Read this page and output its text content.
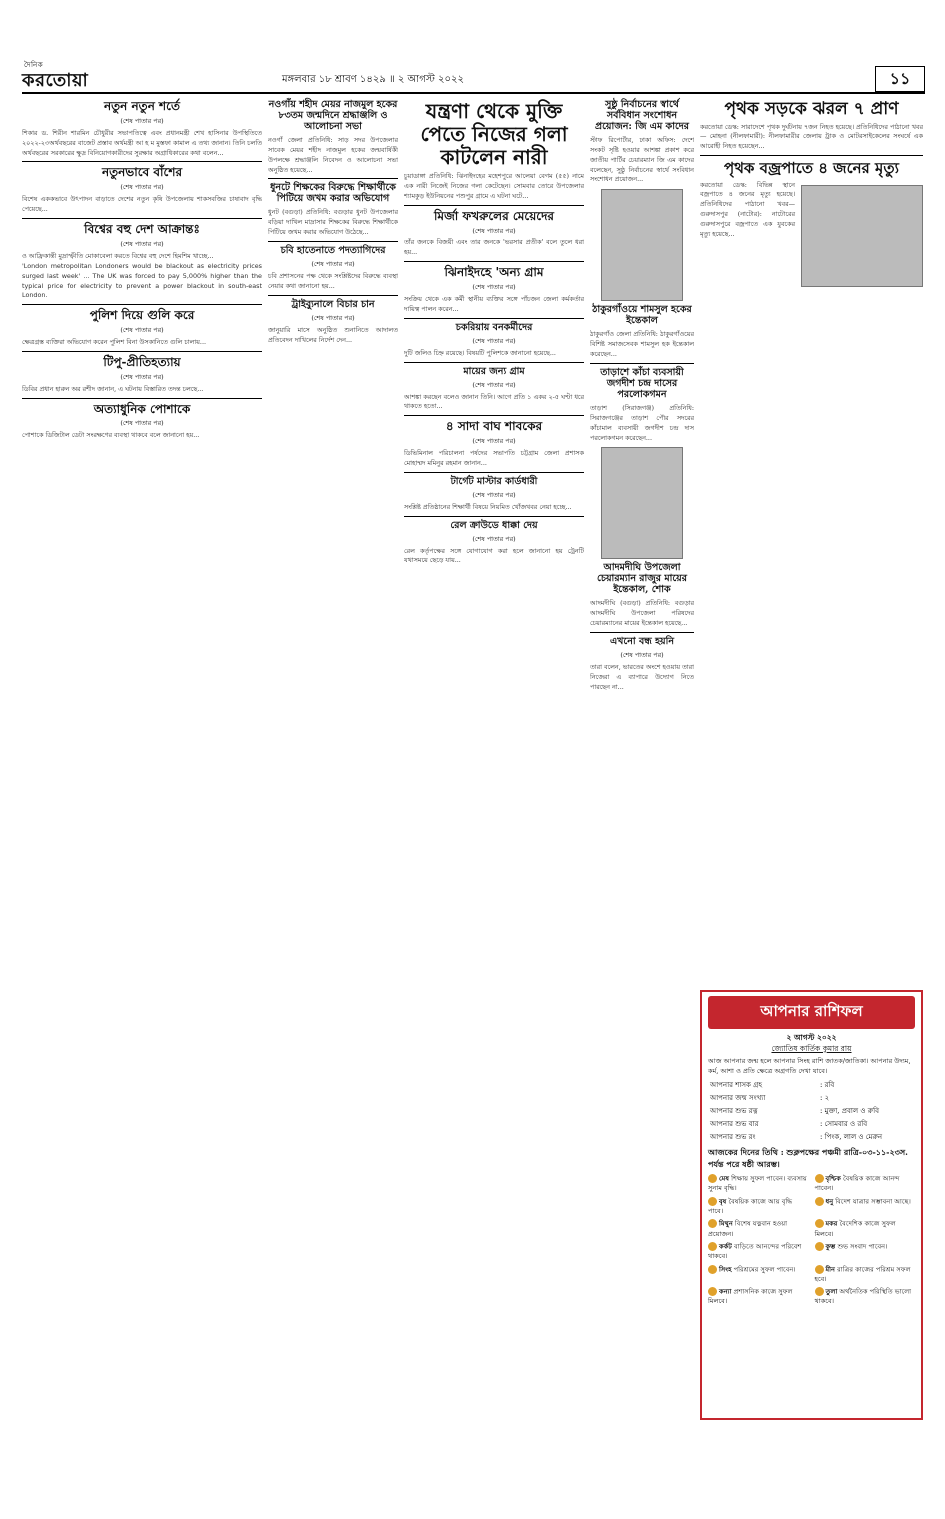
দৈনিক
করতোয়া	মঙ্গলবার ১৮ শ্রাবণ ১৪২৯ ॥ ২ আগস্ট ২০২২	১১
নতুন নতুন শর্তে
(শেষ পাতার পর)
শিকার ড. শিরীন শারমিন চৌধুরীর সভাপতিত্বে এবং প্রধানমন্ত্রী শেখ হাসিনার উপস্থিতিতে ২০২২-২৩অর্থবছরের বাজেট প্রস্তাব অর্থমন্ত্রী আ হ ম মুস্তফা কামাল এ তথ্য জানান। তিনি চলতি অর্থবছরের সরকারের ক্ষুদ্র বিনিয়োগকারীদের সুরক্ষার অগ্রাধিকারের কথা বলেন...
নতুনভাবে বাঁশের
(শেষ পাতার পর)
বিশেষ এককভাবে উৎপাদন বাড়াতে দেশের নতুন কৃষি উপজেলায় শাকসবজির চাষাবাদ বৃদ্ধি পেয়েছে...
বিশ্বের বহু দেশ আক্রান্তঃ
(শেষ পাতার পর)
ও আফ্রিকান্তী মুদ্রাস্ফীতি মোকাবেলা করতে বিশ্বের বহু দেশে হিমশিম খাচ্ছে...
'London metropolitan Londoners would be blackout as electricity prices surged last week' ... The UK was forced to pay 5,000% higher than the typical price for electricity to prevent a power blackout in south-east London.
পুলিশ দিয়ে গুলি করে
(শেষ পাতার পর)
ক্ষেত্রগ্রস্ত ব্যক্তিরা অভিযোগ করেন পুলিশ বিনা উসকানিতে গুলি চালায়...
টিপু-প্রীতিহত্যায়
(শেষ পাতার পর)
ডিবির প্রধান হারুন অর রশীদ জানান, এ ঘটনায় বিস্তারিত তদন্ত চলছে...
অত্যাধুনিক পোশাকে
(শেষ পাতার পর)
পোশাকে ডিজিটাল ডেটা সংরক্ষণের ব্যবস্থা থাকবে বলে জানানো হয়...
নওগাঁয় শহীদ মেয়র নাজমুল হকের ৮৩তম জন্মদিনে শ্রদ্ধাঞ্জলি ও আলোচনা সভা
নওগাঁ জেলা প্রতিনিধি: সাড় সদর উপজেলার সাবেক মেয়র শহীদ নাজমুল হকের জন্মবার্ষিকী উপলক্ষে শ্রদ্ধাঞ্জলি নিবেদন ও আলোচনা সভা অনুষ্ঠিত হয়েছে...
ধুনটে শিক্ষকের বিরুদ্ধে শিক্ষার্থীকে পিটিয়ে জখম করার অভিযোগ
ধুনট (বগুড়া) প্রতিনিধি: বগুড়ার ধুনট উপজেলার বড়িয়া দাখিল মাদ্রাসার শিক্ষকের বিরুদ্ধে শিক্ষার্থীকে পিটিয়ে জখম করার অভিযোগ উঠেছে...
চবি হাতেনাতে পদত্যাগিদের
(শেষ পাতার পর)
চবি প্রশাসনের পক্ষ থেকে সংশ্লিষ্টদের বিরুদ্ধে ব্যবস্থা নেয়ার কথা জানানো হয়...
ট্রাইব্যুনালে বিচার চান
(শেষ পাতার পর)
জানুয়ারি মাসে অনুষ্ঠিত শুনানিতে আদালত প্রতিবেদন দাখিলের নির্দেশ দেন...
যন্ত্রণা থেকে মুক্তি পেতে নিজের গলা কাটলেন নারী
চুয়াডাঙ্গা প্রতিনিধি: ঝিনাইদহের মহেশপুরে আলেয়া বেগম (৫৫) নামে এক নারী নিজেই নিজের গলা কেটেছেন। সোমবার তোরে উপজেলার শ্যামকুড় ইউনিয়নের পশুপুর গ্রামে এ ঘটনা ঘটে...
মির্জা ফখরুলের মেয়েদের
(শেষ পাতার পর)
তাঁর জনকে বিজয়ী এবং তার জনকে 'ভরসার প্রতীক' বলে তুলে ধরা হয়...
ঝিনাইদহে 'অন্য গ্রাম
(শেষ পাতার পর)
সংক্রিয় থেকে এক কর্মী স্থানীয় ব্যক্তির সঙ্গে পাঁচজন জেলা কর্মকর্তার দায়িত্ব পালন করেন...
চকরিয়ায় বনকর্মীদের
(শেষ পাতার পর)
দুটি জলিও চিহ্ন রয়েছে। বিষয়টি পুলিশকে জানানো হয়েছে...
মায়ের জন্য গ্রাম
(শেষ পাতার পর)
আশঙ্কা করছেন বলেও জানান তিনি। আগে প্রতি ১ একর ২-৫ ঘণ্টা ধরে থাকতে হতো...
৪ সাদা বাঘ শাবকের
(শেষ পাতার পর)
ডিভিমিনাল পরিচালনা পর্ষদের সভাপতি চট্টগ্রাম জেলা প্রশাসক মোহাম্মদ মমিনুর রহমান জানান...
টার্গেট মাস্টার কার্ডধারী
(শেষ পাতার পর)
সংশ্লিষ্ট প্রতিষ্ঠানের শিক্ষার্থী বিষয়ে নিয়মিত খোঁজখবর নেয়া হচ্ছে...
রেল ক্রাউডে ধাক্কা দেয়
(শেষ পাতার পর)
রেল কর্তৃপক্ষের সঙ্গে যোগাযোগ করা হলে জানানো হয় ট্রেনটি যথাসময়ে ছেড়ে যায়...
সুষ্ঠু নির্বাচনের স্বার্থে সর্ববিধান সংশোধন প্রয়োজন: জি এম কাদের
স্টাফ রিপোর্টার, ঢাকা অফিস: দেশে সংকট সৃষ্টি হওয়ার আশঙ্কা প্রকাশ করে জাতীয় পার্টির চেয়ারম্যান জি এম কাদের বলেছেন, সুষ্ঠু নির্বাচনের স্বার্থে সংবিধান সংশোধন প্রয়োজন...
ঠাকুরগাঁওয়ে শামসুল হকের ইন্তেকাল
ঠাকুরগাঁও জেলা প্রতিনিধি: ঠাকুরগাঁওয়ের বিশিষ্ট সমাজসেবক শামসুল হক ইন্তেকাল করেছেন...
তাড়াশে কাঁচা ব্যবসায়ী জগদীশ চন্দ্র দাসের পরলোকগমন
তাড়াশ (সিরাজগঞ্জ) প্রতিনিধি: সিরাজগঞ্জের তাড়াশ পৌর সদরের কাঁচামাল ব্যবসায়ী জগদীশ চন্দ্র দাস পরলোকগমন করেছেন...
আদমদীঘি উপজেলা চেয়ারম্যান রাজুর মায়ের ইন্তেকাল, শোক
আদমদীঘি (বগুড়া) প্রতিনিধি: বগুড়ার আদমদীঘি উপজেলা পরিষদের চেয়ারম্যানের মায়ের ইন্তেকাল হয়েছে...
এখনো বন্ধ হয়নি
(শেষ পাতার পর)
তারা বলেন, ভারতের অংশে হওয়ায় তারা নিজেরা এ ব্যাপারে উদ্যোগ নিতে পারছেন না...
পৃথক সড়কে ঝরল ৭ প্রাণ
করতোয়া ডেস্ক: সারাদেশে পৃথক দুর্ঘটনায় ৭জন নিহত হয়েছে। প্রতিনিধিদের পাঠানো খবর— মোহনা (নীলফামারী): নীলফামারীর জেলায় ট্রাক ও মোটরসাইকেলের সংঘর্ষে এক আরোহী নিহত হয়েছেন...
পৃথক বজ্রপাতে ৪ জনের মৃত্যু
করতোয়া ডেস্ক: বিভিন্ন স্থানে বজ্রপাতে ৪ জনের মৃত্যু হয়েছে। প্রতিনিধিদের পাঠানো খবর— গুরুদাসপুর (নাটোর): নাটোরের গুরুদাসপুরে বজ্রপাতে এক যুবকের মৃত্যু হয়েছে...
আপনার রাশিফল
২ আগস্ট ২০২২
জ্যোতিষ কার্তিক কুমার রায়
আজ আপনার জন্ম হলে আপনার সিংহ রাশি জাতক/জাতিকা। আপনার উদ্যম, কর্ম, আশা ও প্রতি ক্ষেত্রে অগ্রগতি দেখা যাবে।
আপনার শাসক গ্রহ	: রবি
আপনার জন্ম সংখ্যা	: ২
আপনার শুভ রত্ন	: মুক্তা, প্রবাল ও রুবি
আপনার শুভ বার	: সোমবার ও রবি
আপনার শুভ রং	: পিংক, লাল ও মেরুন
আজকের দিনের তিথি : শুক্লপক্ষের পঞ্চমী রাত্রি-০৩-১১-২৩স. পর্যন্ত পরে ষষ্ঠী আরম্ভ।
মেষ শিক্ষায় সুফল পাবেন। ব্যবসায় সুনাম বৃদ্ধি।
বৃশ্চিক বৈষয়িক কাজে আনন্দ পাবেন।
বৃষ বৈষয়িক কাজে আয় বৃদ্ধি পাবে।
ধনু বিদেশ যাত্রার সম্ভাবনা আছে।
মিথুন বিশেষ যত্নবান হওয়া প্রয়োজন।
মকর বৈদেশিক কাজে সুফল মিলবে।
কর্কট বাড়িতে আনন্দের পরিবেশ থাকবে।
কুম্ভ শুভ সংবাদ পাবেন।
সিংহ পরিশ্রমের সুফল পাবেন।	মীন রাত্রির কাজের পরিশ্রম সফল হবে।
কন্যা প্রশাসনিক কাজে সুফল মিলবে।
তুলা অর্থনৈতিক পরিস্থিতি ভালো থাকবে।
